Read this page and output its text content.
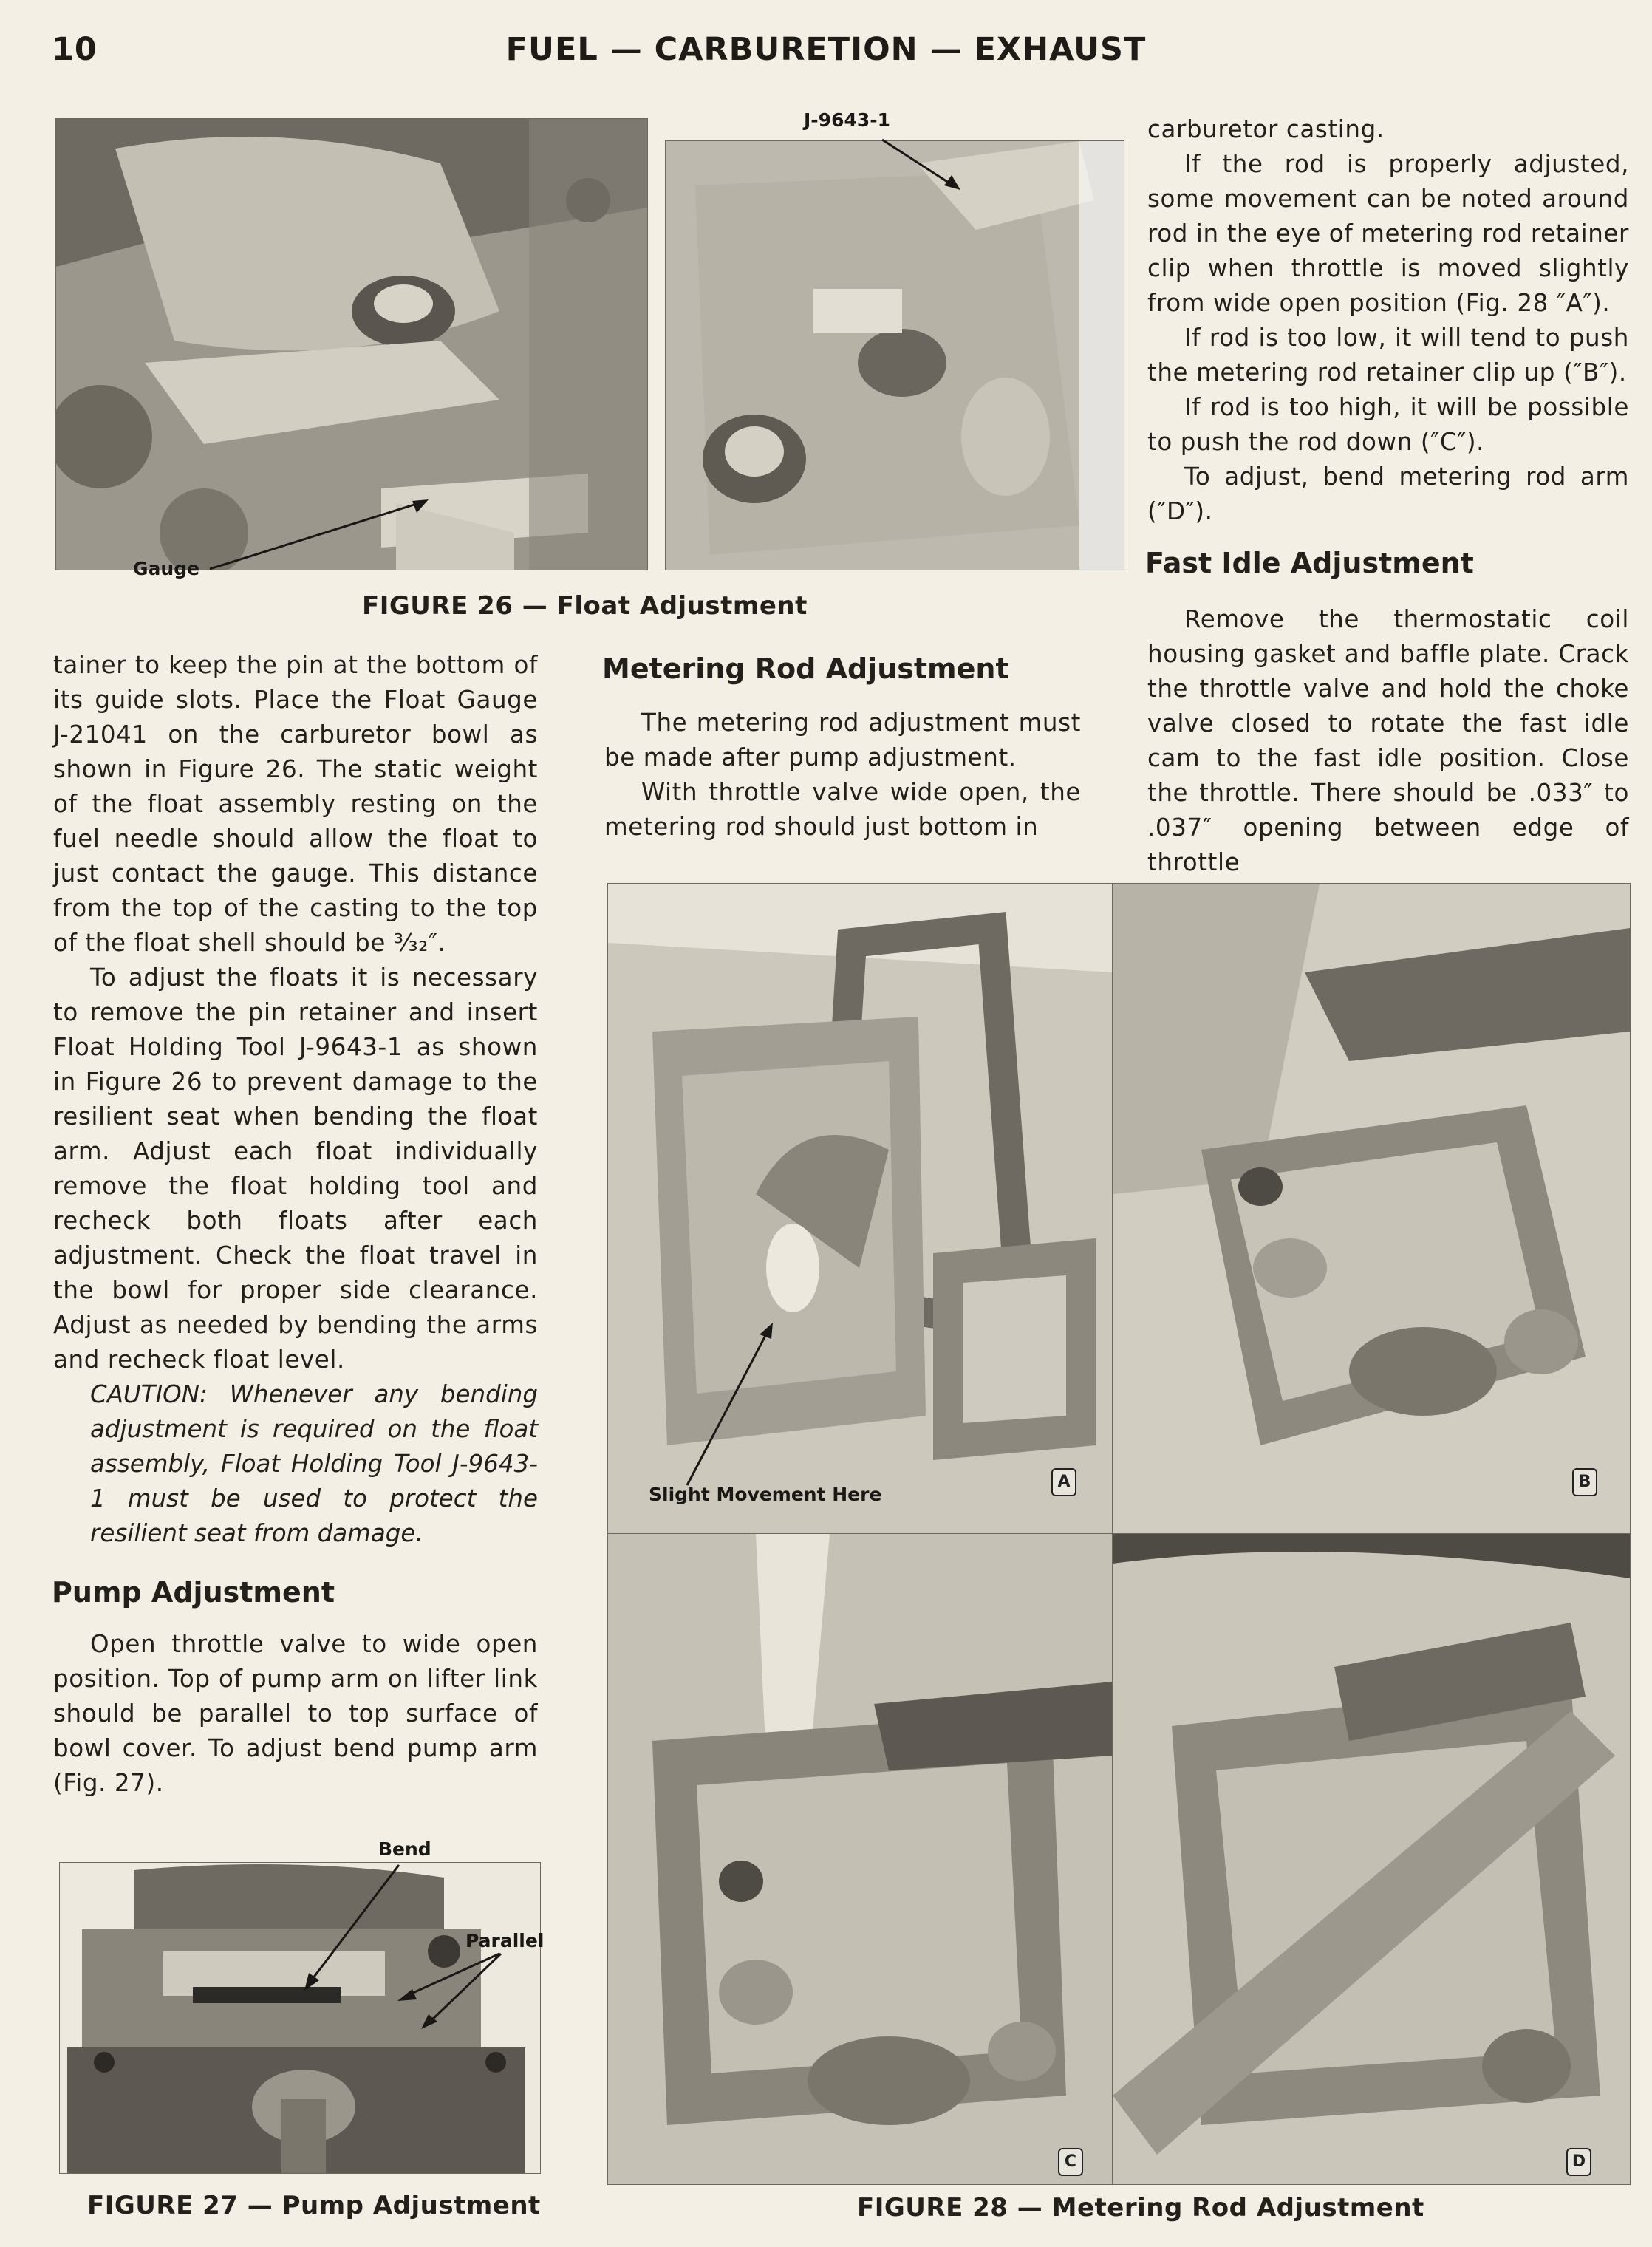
10	FUEL — CARBURETION — EXHAUST
Gauge
J-9643-1
FIGURE 26 — Float Adjustment

tainer to keep the pin at the bottom of its guide slots. Place the Float Gauge J-21041 on the carburetor bowl as shown in Figure 26. The static weight of the float assembly resting on the fuel needle should allow the float to just contact the gauge. This distance from the top of the casting to the top of the float shell should be ³⁄₃₂″.

To adjust the floats it is necessary to remove the pin retainer and insert Float Holding Tool J-9643-1 as shown in Figure 26 to prevent damage to the resilient seat when bending the float arm. Adjust each float individually remove the float holding tool and recheck both floats after each adjustment. Check the float travel in the bowl for proper side clearance. Adjust as needed by bending the arms and recheck float level.

CAUTION: Whenever any bending adjustment is required on the float assembly, Float Holding Tool J-9643-1 must be used to protect the resilient seat from damage.

Pump Adjustment

Open throttle valve to wide open position. Top of pump arm on lifter link should be parallel to top surface of bowl cover. To adjust bend pump arm (Fig. 27).

Bend
Parallel
FIGURE 27 — Pump Adjustment
Metering Rod Adjustment

The metering rod adjustment must be made after pump adjustment.

With throttle valve wide open, the metering rod should just bottom in

carburetor casting.

If the rod is properly adjusted, some movement can be noted around rod in the eye of metering rod retainer clip when throttle is moved slightly from wide open position (Fig. 28 ″A″).

If rod is too low, it will tend to push the metering rod retainer clip up (″B″).

If rod is too high, it will be possible to push the rod down (″C″).

To adjust, bend metering rod arm (″D″).

Fast Idle Adjustment

Remove the thermostatic coil housing gasket and baffle plate. Crack the throttle valve and hold the choke valve closed to rotate the fast idle cam to the fast idle position. Close the throttle. There should be .033″ to .037″ opening between edge of throttle

Slight Movement Here
A	B
C	D
FIGURE 28 — Metering Rod Adjustment
